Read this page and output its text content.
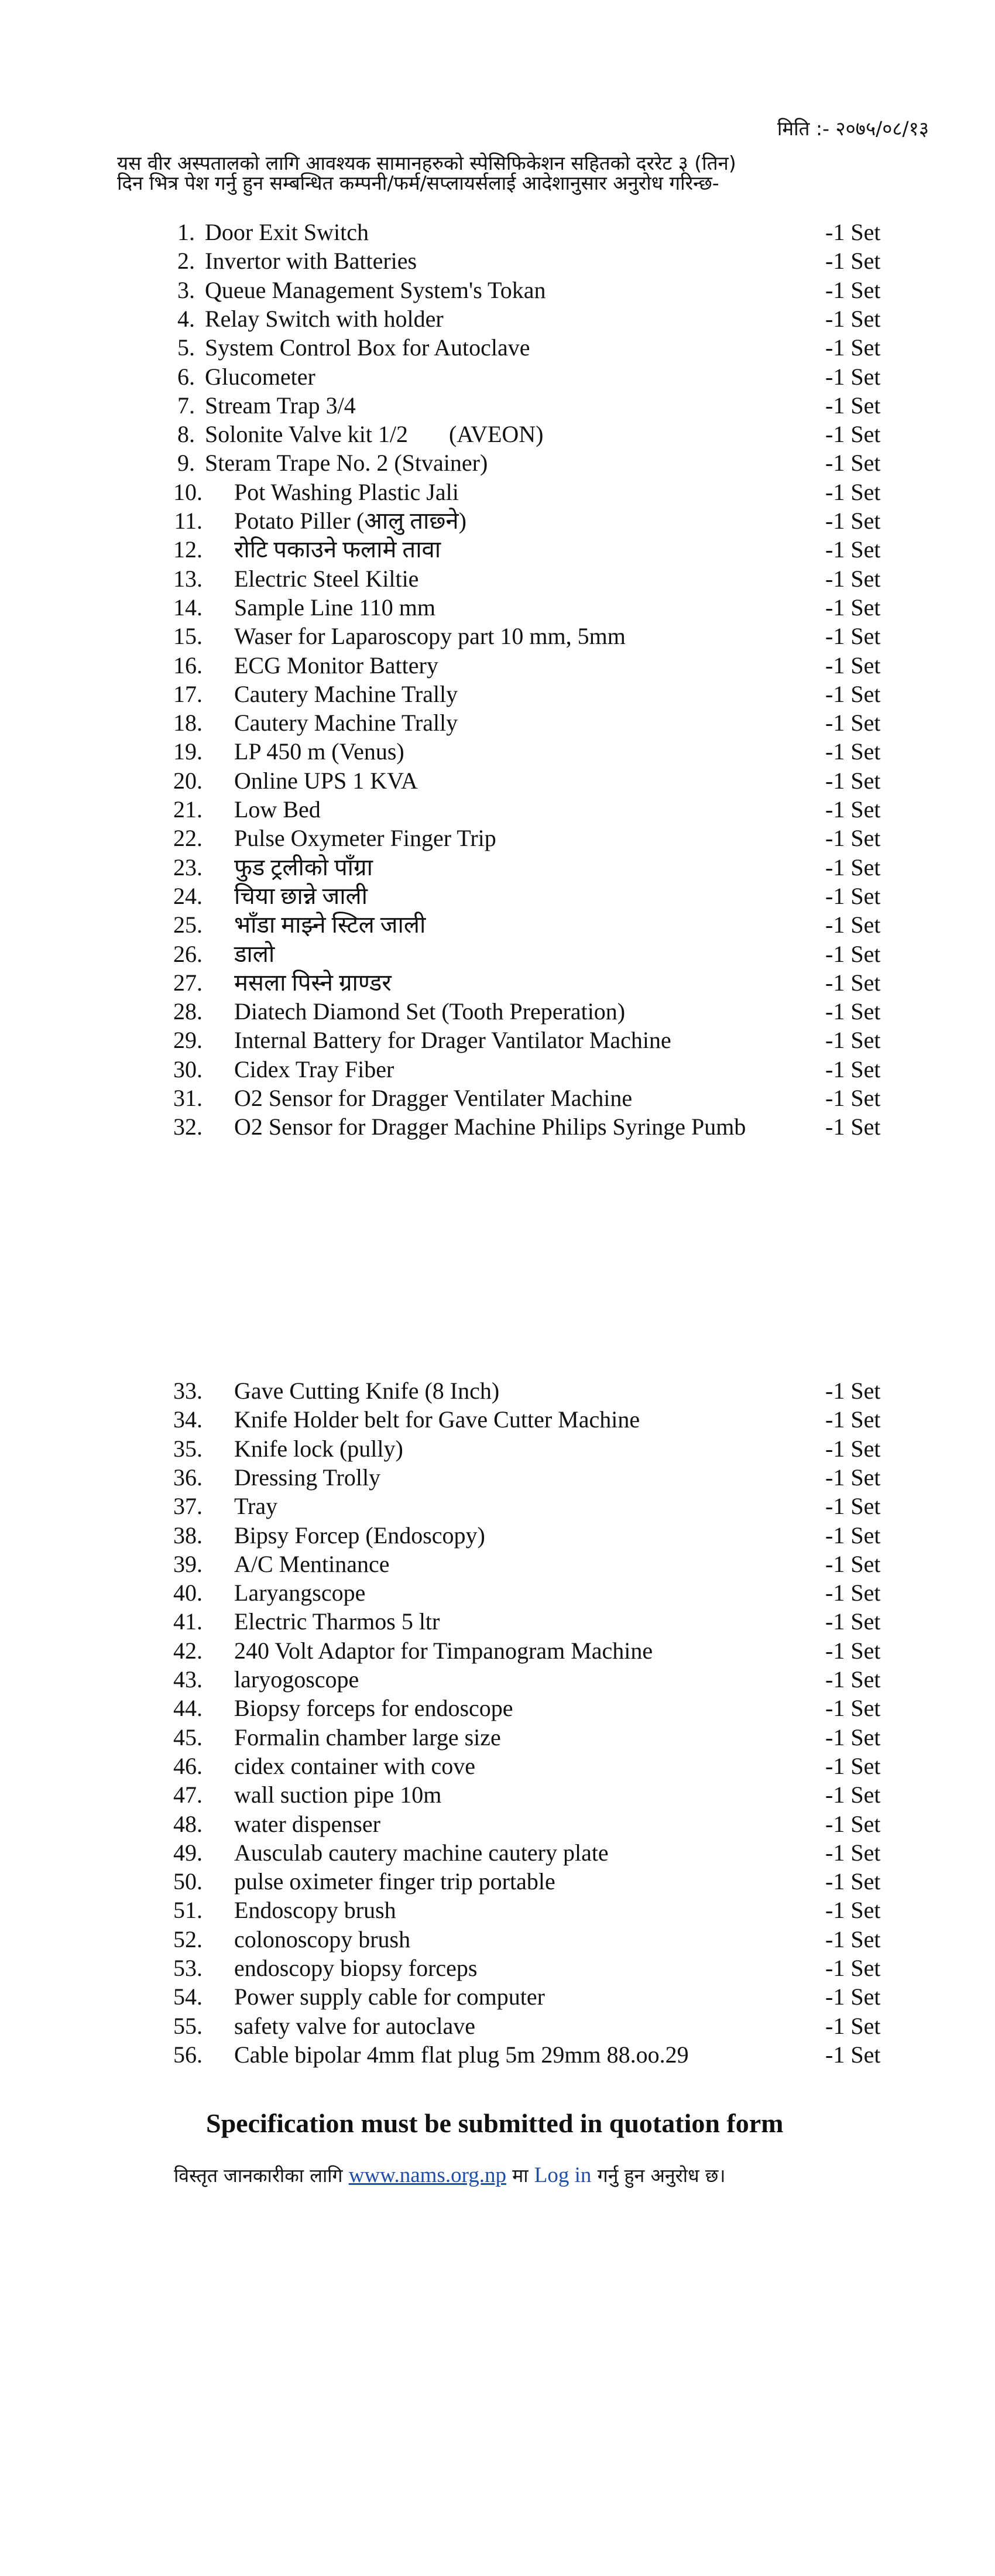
मिति :- २०७५/०८/१३
यस वीर अस्पतालको लागि आवश्यक सामानहरुको स्पेसिफिकेशन सहितको दररेट ३ (तिन)
दिन भित्र पेश गर्नु हुन सम्बन्धित कम्पनी/फर्म/सप्लायर्सलाई आदेशानुसार अनुरोध गरिन्छ-
1. Door Exit Switch	-1 Set
2. Invertor with Batteries	-1 Set
3. Queue Management System's Tokan	-1 Set
4. Relay Switch with holder	-1 Set
5. System Control Box for Autoclave	-1 Set
6. Glucometer	-1 Set
7. Stream Trap 3/4	-1 Set
8. Solonite Valve kit 1/2       (AVEON)	-1 Set
9. Steram Trape No. 2 (Stvainer)	-1 Set
10. Pot Washing Plastic Jali	-1 Set
11. Potato Piller (आलु ताछ्ने)	-1 Set
12. रोटि पकाउने फलामे तावा	-1 Set
13. Electric Steel Kiltie	-1 Set
14. Sample Line 110 mm	-1 Set
15. Waser for Laparoscopy part 10 mm, 5mm	-1 Set
16. ECG Monitor Battery	-1 Set
17. Cautery Machine Trally	-1 Set
18. Cautery Machine Trally	-1 Set
19. LP 450 m (Venus)	-1 Set
20. Online UPS 1 KVA	-1 Set
21. Low Bed	-1 Set
22. Pulse Oxymeter Finger Trip	-1 Set
23. फुड ट्रलीको पाँग्रा	-1 Set
24. चिया छान्ने जाली	-1 Set
25. भाँडा माझ्ने स्टिल जाली	-1 Set
26. डालो	-1 Set
27. मसला पिस्ने ग्राण्डर	-1 Set
28. Diatech Diamond Set (Tooth Preperation)	-1 Set
29. Internal Battery for Drager Vantilator Machine	-1 Set
30. Cidex Tray Fiber	-1 Set
31. O2 Sensor for Dragger Ventilater Machine	-1 Set
32. O2 Sensor for Dragger Machine Philips Syringe Pumb	-1 Set
33. Gave Cutting Knife (8 Inch)	-1 Set
34. Knife Holder belt for Gave Cutter Machine	-1 Set
35. Knife lock (pully)	-1 Set
36. Dressing Trolly	-1 Set
37. Tray	-1 Set
38. Bipsy Forcep (Endoscopy)	-1 Set
39. A/C Mentinance	-1 Set
40. Laryangscope	-1 Set
41. Electric Tharmos 5 ltr	-1 Set
42. 240 Volt Adaptor for Timpanogram Machine	-1 Set
43. laryogoscope	-1 Set
44. Biopsy forceps for endoscope	-1 Set
45. Formalin chamber large size	-1 Set
46. cidex container with cove	-1 Set
47. wall suction pipe 10m	-1 Set
48. water dispenser	-1 Set
49. Ausculab cautery machine cautery plate	-1 Set
50. pulse oximeter finger trip portable	-1 Set
51. Endoscopy brush	-1 Set
52. colonoscopy brush	-1 Set
53. endoscopy biopsy forceps	-1 Set
54. Power supply cable for computer	-1 Set
55. safety valve for autoclave	-1 Set
56. Cable bipolar 4mm flat plug 5m 29mm 88.oo.29	-1 Set
Specification must be submitted in quotation form
विस्तृत जानकारीका लागि www.nams.org.np मा Log in गर्नु हुन अनुरोध छ।
